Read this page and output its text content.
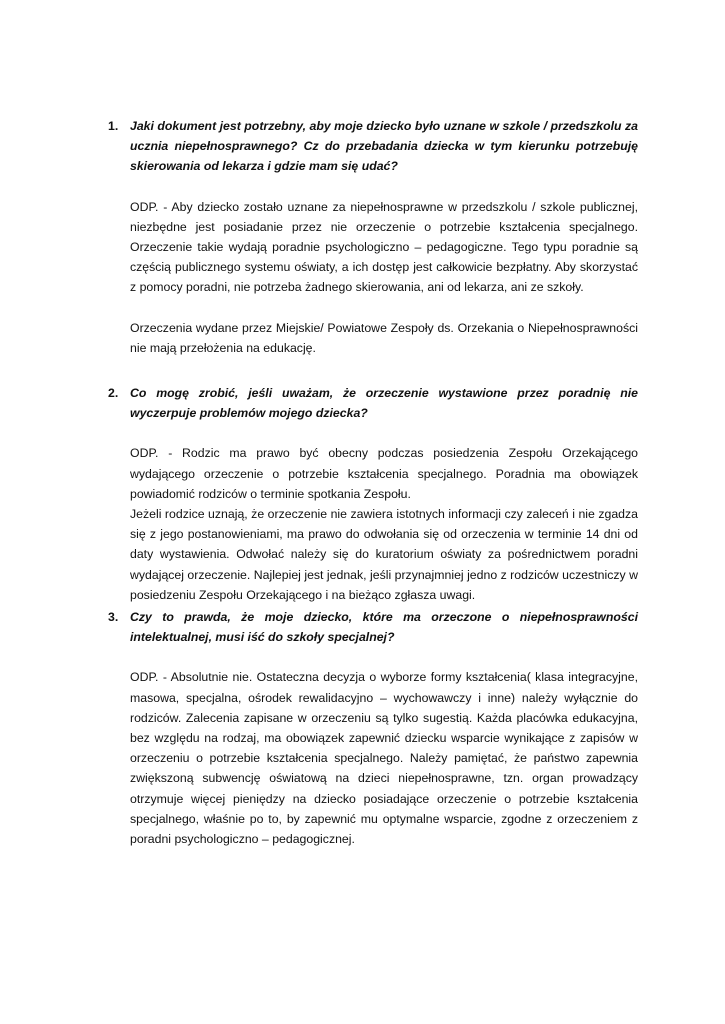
1. Jaki dokument jest potrzebny, aby moje dziecko było uznane w szkole / przedszkolu za ucznia niepełnosprawnego? Cz do przebadania dziecka w tym kierunku potrzebuję skierowania od lekarza i gdzie mam się udać?
ODP. - Aby dziecko zostało uznane za niepełnosprawne w przedszkolu / szkole publicznej, niezbędne jest posiadanie przez nie orzeczenie o potrzebie kształcenia specjalnego. Orzeczenie takie wydają poradnie psychologiczno – pedagogiczne. Tego typu poradnie są częścią publicznego systemu oświaty, a ich dostęp jest całkowicie bezpłatny. Aby skorzystać z pomocy poradni, nie potrzeba żadnego skierowania, ani od lekarza, ani ze szkoły.
Orzeczenia wydane przez Miejskie/ Powiatowe Zespoły ds. Orzekania o Niepełnosprawności nie mają przełożenia na edukację.
2. Co mogę zrobić, jeśli uważam, że orzeczenie wystawione przez poradnię nie wyczerpuje problemów mojego dziecka?
ODP. - Rodzic ma prawo być obecny podczas posiedzenia Zespołu Orzekającego wydającego orzeczenie o potrzebie kształcenia specjalnego. Poradnia ma obowiązek powiadomić rodziców o terminie spotkania Zespołu.
Jeżeli rodzice uznają, że orzeczenie nie zawiera istotnych informacji czy zaleceń i nie zgadza się z jego postanowieniami, ma prawo do odwołania się od orzeczenia w terminie 14 dni od daty wystawienia. Odwołać należy się do kuratorium oświaty za pośrednictwem poradni wydającej orzeczenie. Najlepiej jest jednak, jeśli przynajmniej jedno z rodziców uczestniczy w posiedzeniu Zespołu Orzekającego i na bieżąco zgłasza uwagi.
3. Czy to prawda, że moje dziecko, które ma orzeczone o niepełnosprawności intelektualnej, musi iść do szkoły specjalnej?
ODP. - Absolutnie nie. Ostateczna decyzja o wyborze formy kształcenia( klasa integracyjne, masowa, specjalna, ośrodek rewalidacyjno – wychowawczy i inne) należy wyłącznie do rodziców. Zalecenia zapisane w orzeczeniu są tylko sugestią. Każda placówka edukacyjna, bez względu na rodzaj, ma obowiązek zapewnić dziecku wsparcie wynikające z zapisów w orzeczeniu o potrzebie kształcenia specjalnego. Należy pamiętać, że państwo zapewnia zwiększoną subwencję oświatową na dzieci niepełnosprawne, tzn. organ prowadzący otrzymuje więcej pieniędzy na dziecko posiadające orzeczenie o potrzebie kształcenia specjalnego, właśnie po to, by zapewnić mu optymalne wsparcie, zgodne z orzeczeniem z poradni psychologiczno – pedagogicznej.
